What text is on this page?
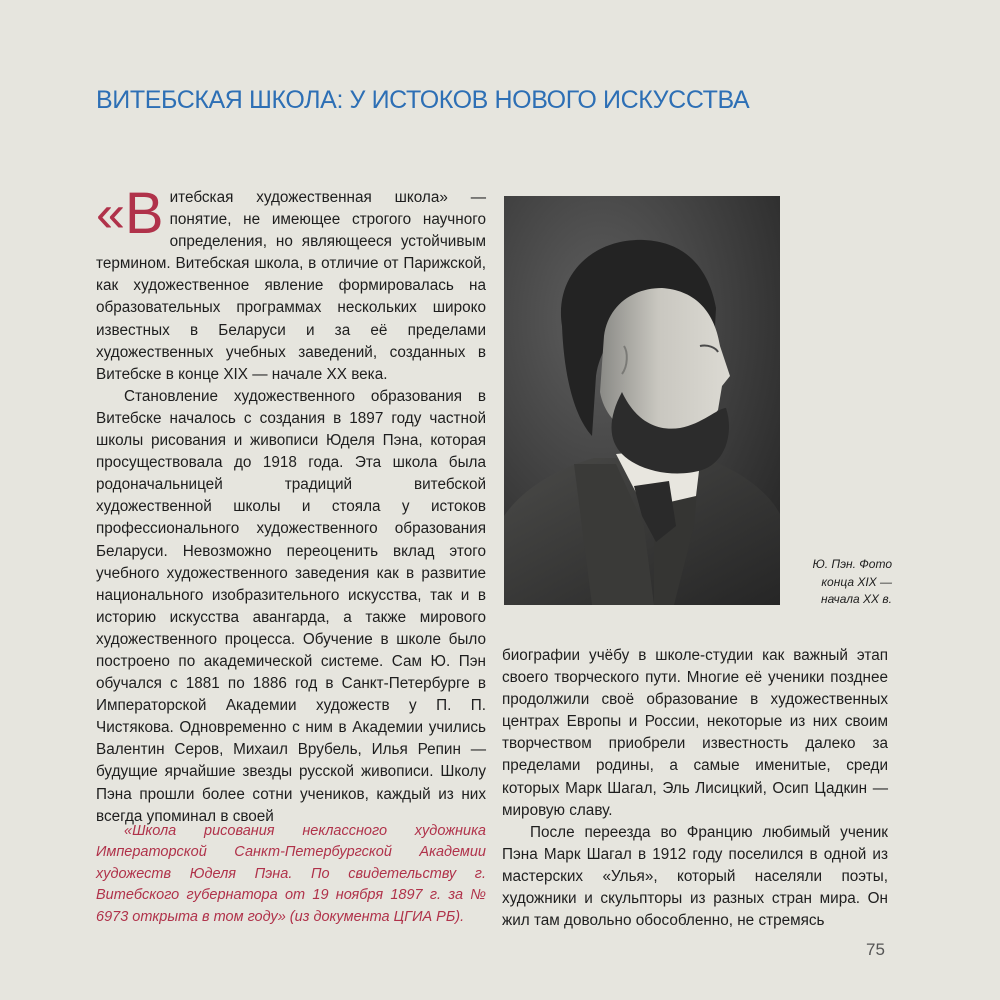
ВИТЕБСКАЯ ШКОЛА: У ИСТОКОВ НОВОГО ИСКУССТВА

«В итебская художественная школа» — понятие, не имеющее строгого научного определения, но являющееся устойчивым термином. Витебская школа, в отличие от Парижской, как художественное явление формировалась на образовательных программах нескольких широко известных в Беларуси и за её пределами художественных учебных заведений, созданных в Витебске в конце XIX — начале XX века.

Становление художественного образования в Витебске началось с создания в 1897 году частной школы рисования и живописи Юделя Пэна, которая просуществовала до 1918 года. Эта школа была родоначальницей традиций витебской художественной школы и стояла у истоков профессионального художественного образования Беларуси. Невозможно переоценить вклад этого учебного художественного заведения как в развитие национального изобразительного искусства, так и в историю искусства авангарда, а также мирового художественного процесса. Обучение в школе было построено по академической системе. Сам Ю. Пэн обучался с 1881 по 1886 год в Санкт-Петербурге в Императорской Академии художеств у П. П. Чистякова. Одновременно с ним в Академии учились Валентин Серов, Михаил Врубель, Илья Репин — будущие ярчайшие звезды русской живописи. Школу Пэна прошли более сотни учеников, каждый из них всегда упоминал в своей

«Школа рисования неклассного художника Императорской Санкт-Петербургской Академии художеств Юделя Пэна. По свидетельству г. Витебского губернатора от 19 ноября 1897 г. за № 6973 открыта в том году» (из документа ЦГИА РБ).

Ю. Пэн. Фото конца XIX — начала XX в.

биографии учёбу в школе-студии как важный этап своего творческого пути. Многие её ученики позднее продолжили своё образование в художественных центрах Европы и России, некоторые из них своим творчеством приобрели известность далеко за пределами родины, а самые именитые, среди которых Марк Шагал, Эль Лисицкий, Осип Цадкин — мировую славу.

После переезда во Францию любимый ученик Пэна Марк Шагал в 1912 году поселился в одной из мастерских «Улья», который населяли поэты, художники и скульпторы из разных стран мира. Он жил там довольно обособленно, не стремясь

75
